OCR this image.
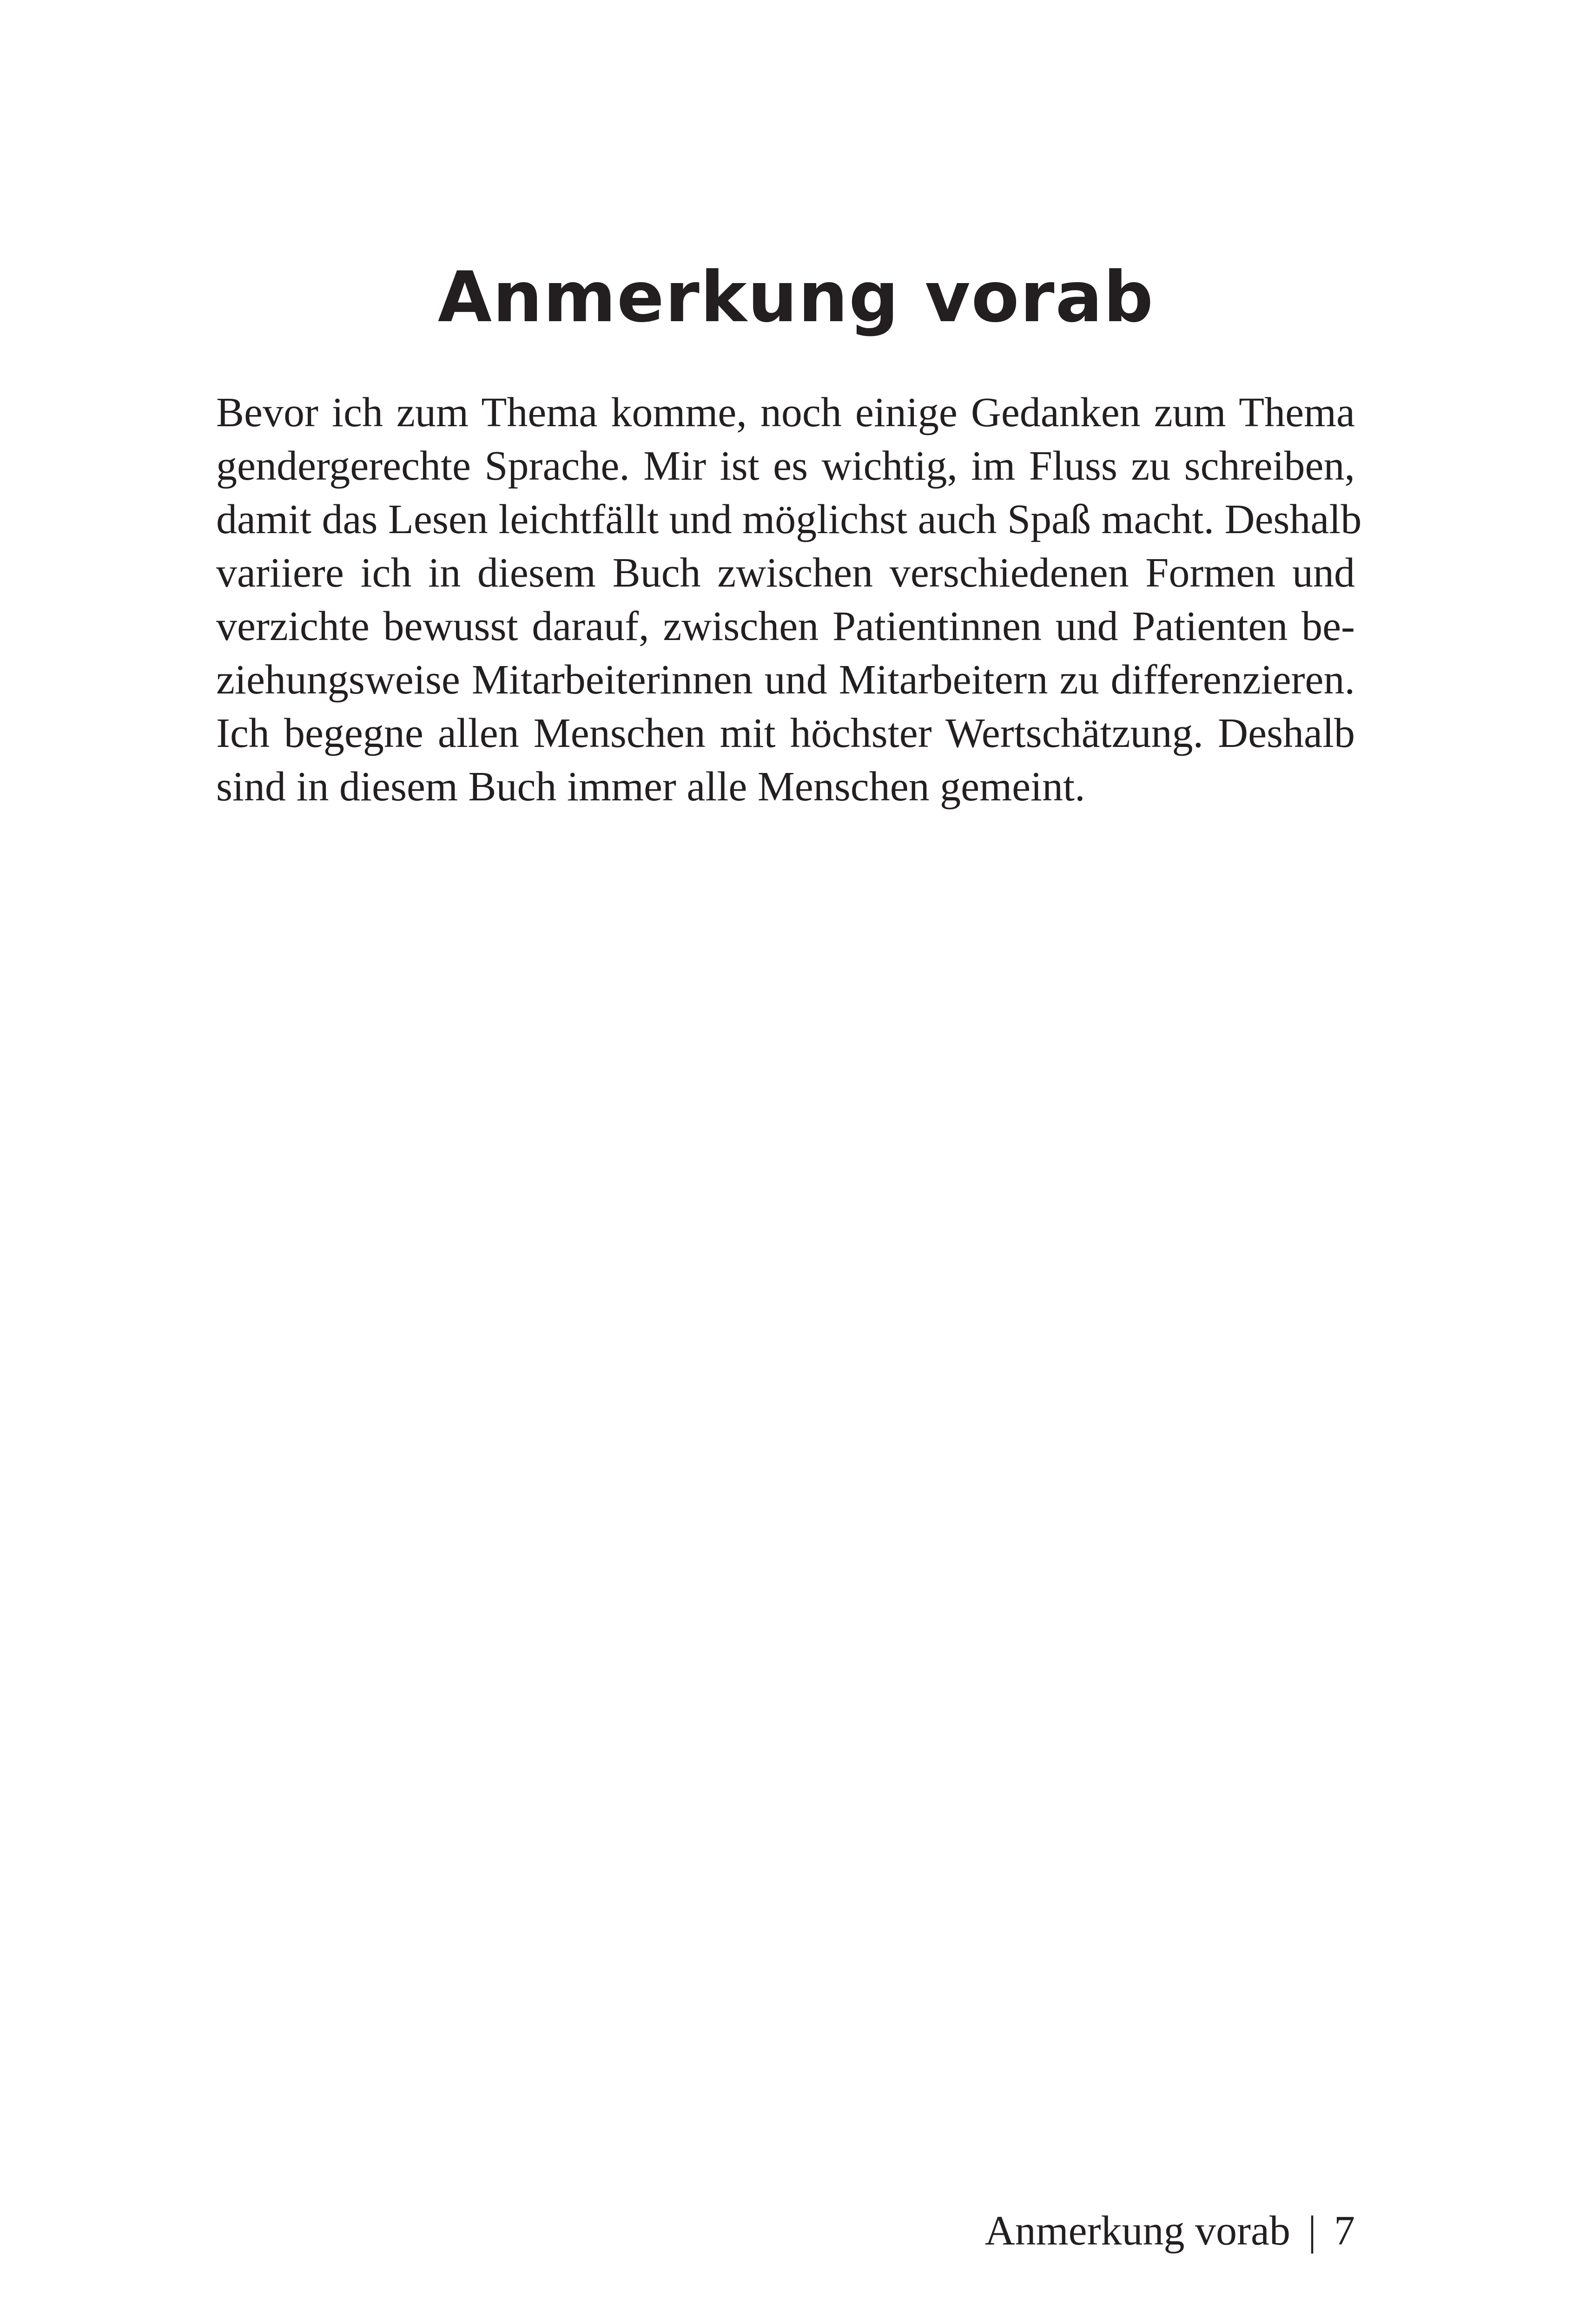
Anmerkung vorab

Bevor ich zum Thema komme, noch einige Gedanken zum Thema
gendergerechte Sprache. Mir ist es wichtig, im Fluss zu schreiben,
damit das Lesen leichtfällt und möglichst auch Spaß macht. Deshalb
variiere ich in diesem Buch zwischen verschiedenen Formen und
verzichte bewusst darauf, zwischen Patientinnen und Patienten be-
ziehungsweise Mitarbeiterinnen und Mitarbeitern zu differenzieren.
Ich begegne allen Menschen mit höchster Wertschätzung. Deshalb
sind in diesem Buch immer alle Menschen gemeint.

Anmerkung vorab | 7
